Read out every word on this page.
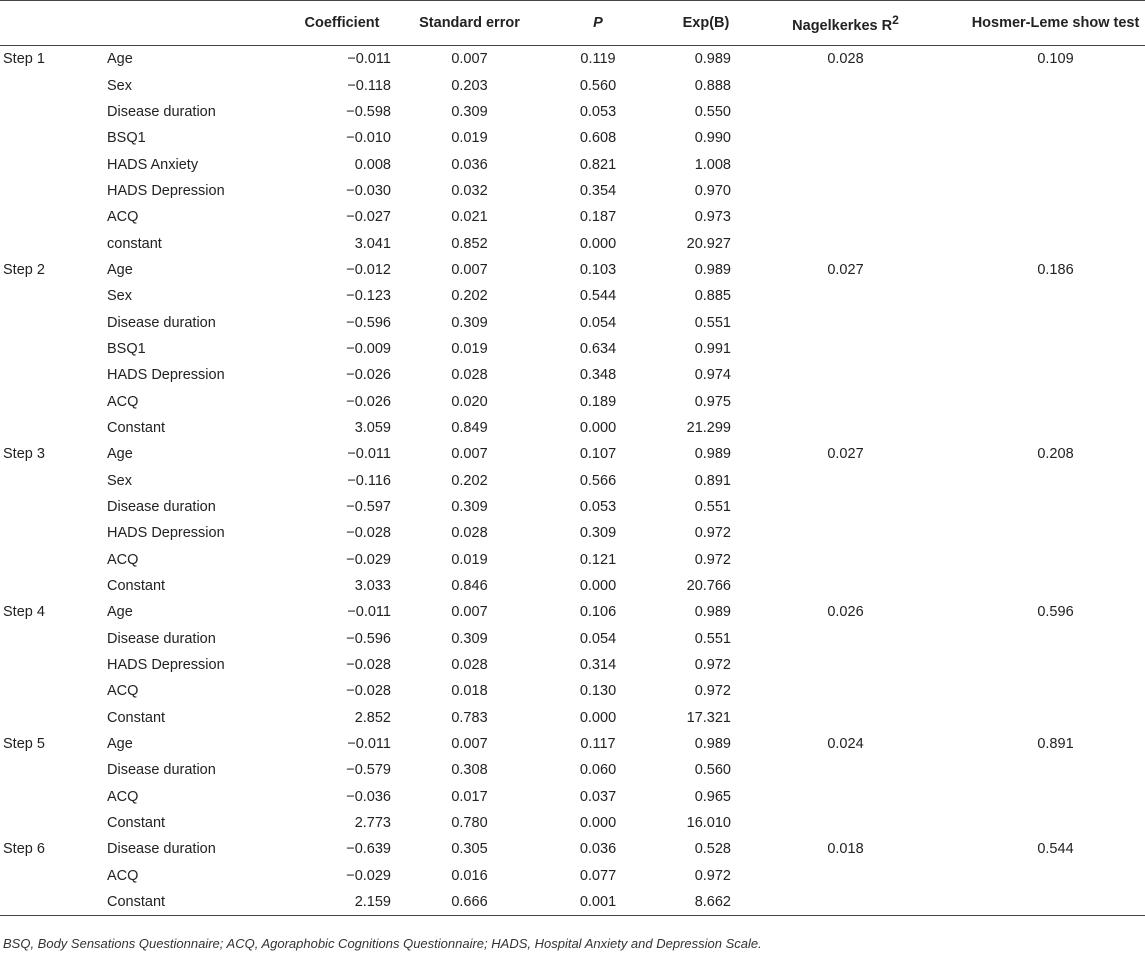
		Coefficient	Standard error	P	Exp(B)	Nagelkerkes $R^2$	Hosmer-Leme show test
Step 1	Age	−0.011	0.007	0.119	0.989	0.028	0.109
	Sex	−0.118	0.203	0.560	0.888		
	Disease duration	−0.598	0.309	0.053	0.550		
	BSQ1	−0.010	0.019	0.608	0.990		
	HADS Anxiety	0.008	0.036	0.821	1.008		
	HADS Depression	−0.030	0.032	0.354	0.970		
	ACQ	−0.027	0.021	0.187	0.973		
	constant	3.041	0.852	0.000	20.927		
Step 2	Age	−0.012	0.007	0.103	0.989	0.027	0.186
	Sex	−0.123	0.202	0.544	0.885		
	Disease duration	−0.596	0.309	0.054	0.551		
	BSQ1	−0.009	0.019	0.634	0.991		
	HADS Depression	−0.026	0.028	0.348	0.974		
	ACQ	−0.026	0.020	0.189	0.975		
	Constant	3.059	0.849	0.000	21.299		
Step 3	Age	−0.011	0.007	0.107	0.989	0.027	0.208
	Sex	−0.116	0.202	0.566	0.891		
	Disease duration	−0.597	0.309	0.053	0.551		
	HADS Depression	−0.028	0.028	0.309	0.972		
	ACQ	−0.029	0.019	0.121	0.972		
	Constant	3.033	0.846	0.000	20.766		
Step 4	Age	−0.011	0.007	0.106	0.989	0.026	0.596
	Disease duration	−0.596	0.309	0.054	0.551		
	HADS Depression	−0.028	0.028	0.314	0.972		
	ACQ	−0.028	0.018	0.130	0.972		
	Constant	2.852	0.783	0.000	17.321		
Step 5	Age	−0.011	0.007	0.117	0.989	0.024	0.891
	Disease duration	−0.579	0.308	0.060	0.560		
	ACQ	−0.036	0.017	0.037	0.965		
	Constant	2.773	0.780	0.000	16.010		
Step 6	Disease duration	−0.639	0.305	0.036	0.528	0.018	0.544
	ACQ	−0.029	0.016	0.077	0.972		
	Constant	2.159	0.666	0.001	8.662		
BSQ, Body Sensations Questionnaire; ACQ, Agoraphobic Cognitions Questionnaire; HADS, Hospital Anxiety and Depression Scale.
